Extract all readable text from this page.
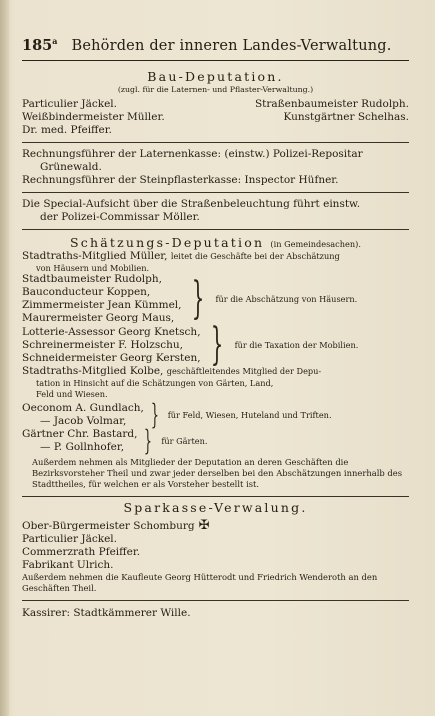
185$^a$ Behörden der inneren Landes-Verwaltung.
Bau-Deputation.
(zugl. für die Laternen- und Pflaster-Verwaltung.)
Particulier Jäckel.	Straßenbaumeister Rudolph.
Weißbindermeister Müller.	Kunstgärtner Schelhas.
Dr. med. Pfeiffer.
Rechnungsführer der Laternenkasse: (einstw.) Polizei-Repositar
Grünewald.
Rechnungsführer der Steinpflasterkasse: Inspector Hüfner.
Die Special-Aufsicht über die Straßenbeleuchtung führt einstw.
der Polizei-Commissar Möller.
Schätzungs-Deputation (in Gemeindesachen).
Stadtraths-Mitglied Müller, leitet die Geschäfte bei der Abschätzung
von Häusern und Mobilien.
Stadtbaumeister Rudolph,
Bauconducteur Koppen,
Zimmermeister Jean Kümmel,
Maurermeister Georg Maus, } für die Abschätzung von Häusern.
Lotterie-Assessor Georg Knetsch,
Schreinermeister F. Holzschu,
Schneidermeister Georg Kersten, } für die Taxation der Mobilien.
Stadtraths-Mitglied Kolbe, geschäftleitendes Mitglied der Depu-
tation in Hinsicht auf die Schätzungen von Gärten, Land,
Feld und Wiesen.
Oeconom A. Gundlach,
— Jacob Volmar, } für Feld, Wiesen, Huteland und Triften.
Gärtner Chr. Bastard,
— P. Gollnhofer, } für Gärten.
Außerdem nehmen als Mitglieder der Deputation an deren Geschäften die Bezirksvorsteher Theil und zwar jeder derselben bei den Abschätzungen innerhalb des Stadttheiles, für welchen er als Vorsteher bestellt ist.
Sparkasse-Verwalung.
Ober-Bürgermeister Schomburg ✠
Particulier Jäckel.
Commerzrath Pfeiffer.
Fabrikant Ulrich.
Außerdem nehmen die Kaufleute Georg Hütterodt und Friedrich Wenderoth an den Geschäften Theil.
Kassirer: Stadtkämmerer Wille.
